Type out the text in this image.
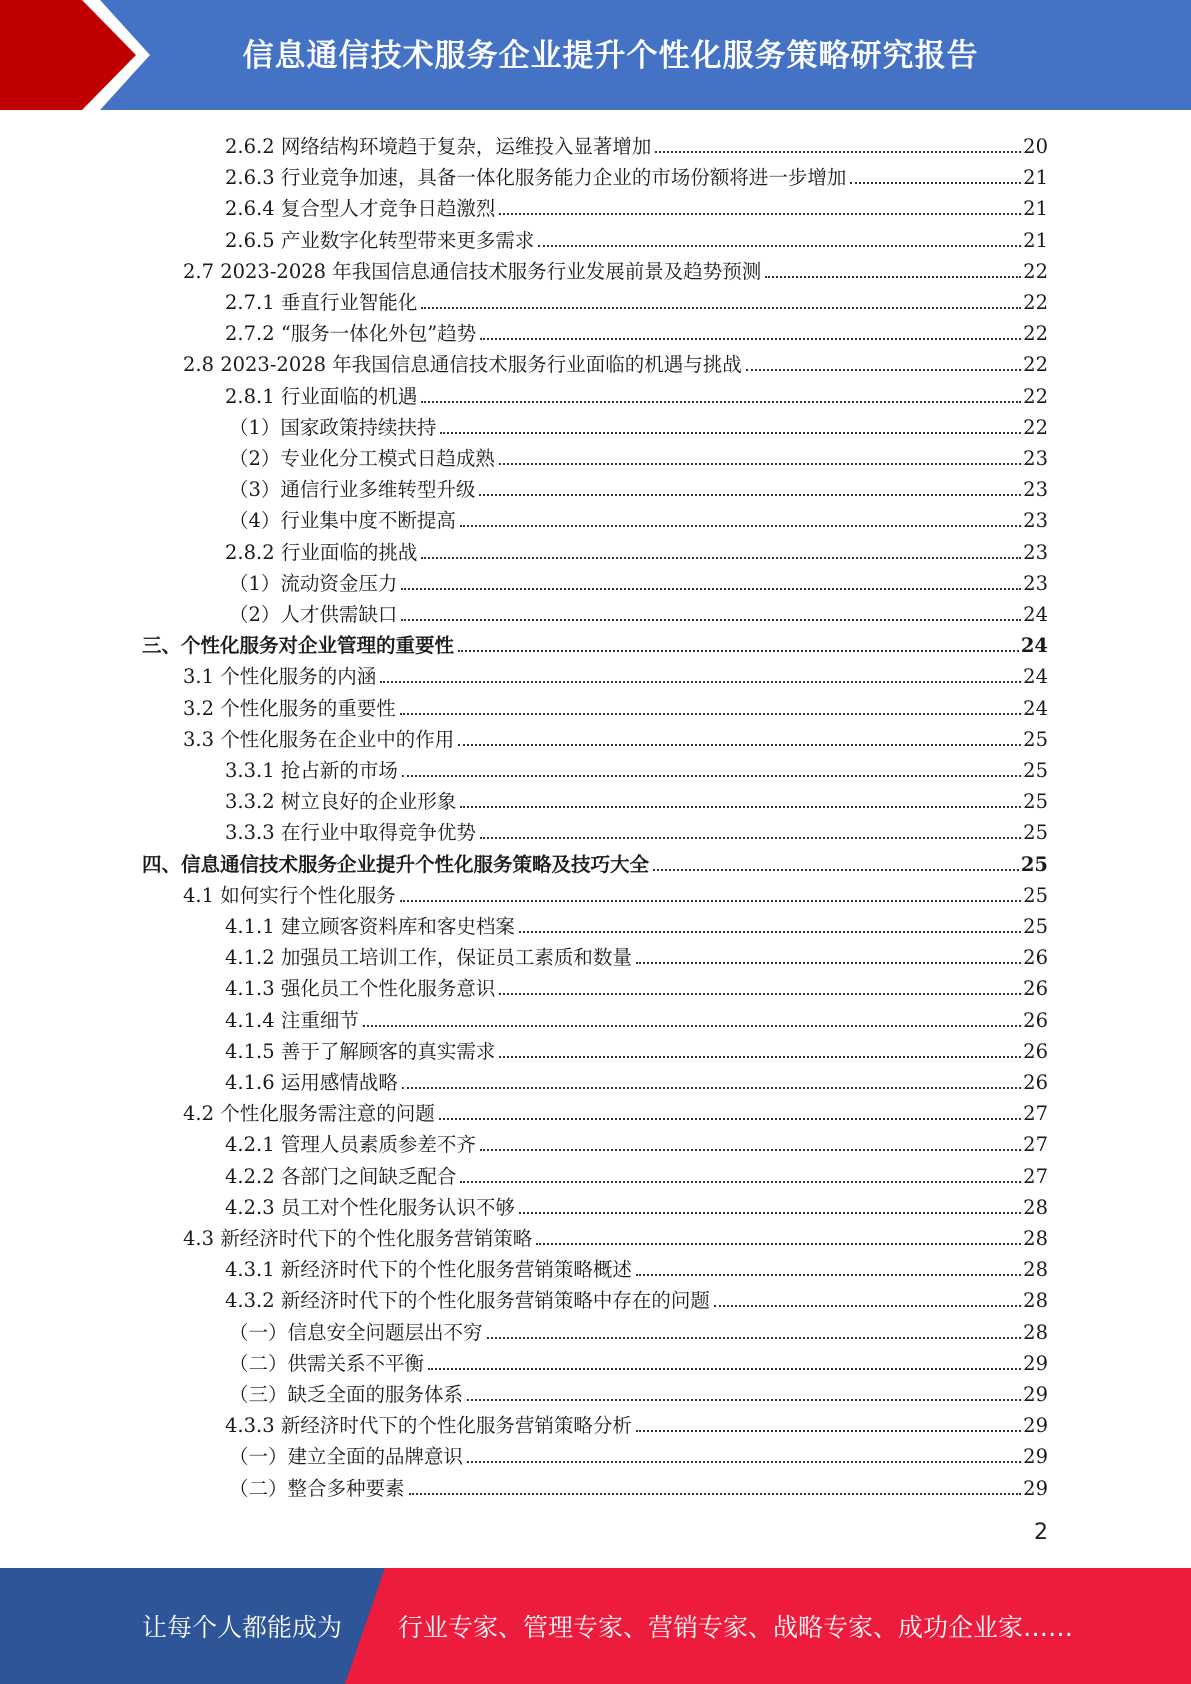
信息通信技术服务企业提升个性化服务策略研究报告
2.6.2 网络结构环境趋于复杂，运维投入显著增加	20
2.6.3 行业竞争加速，具备一体化服务能力企业的市场份额将进一步增加	21
2.6.4 复合型人才竞争日趋激烈	21
2.6.5 产业数字化转型带来更多需求	21
2.7 2023-2028 年我国信息通信技术服务行业发展前景及趋势预测	22
2.7.1 垂直行业智能化	22
2.7.2 “服务一体化外包”趋势	22
2.8 2023-2028 年我国信息通信技术服务行业面临的机遇与挑战	22
2.8.1 行业面临的机遇	22
（1）国家政策持续扶持	22
（2）专业化分工模式日趋成熟	23
（3）通信行业多维转型升级	23
（4）行业集中度不断提高	23
2.8.2 行业面临的挑战	23
（1）流动资金压力	23
（2）人才供需缺口	24
三、个性化服务对企业管理的重要性	24
3.1 个性化服务的内涵	24
3.2 个性化服务的重要性	24
3.3 个性化服务在企业中的作用	25
3.3.1 抢占新的市场	25
3.3.2 树立良好的企业形象	25
3.3.3 在行业中取得竞争优势	25
四、信息通信技术服务企业提升个性化服务策略及技巧大全	25
4.1 如何实行个性化服务	25
4.1.1 建立顾客资料库和客史档案	25
4.1.2 加强员工培训工作，保证员工素质和数量	26
4.1.3 强化员工个性化服务意识	26
4.1.4 注重细节	26
4.1.5 善于了解顾客的真实需求	26
4.1.6 运用感情战略	26
4.2 个性化服务需注意的问题	27
4.2.1 管理人员素质参差不齐	27
4.2.2 各部门之间缺乏配合	27
4.2.3 员工对个性化服务认识不够	28
4.3 新经济时代下的个性化服务营销策略	28
4.3.1 新经济时代下的个性化服务营销策略概述	28
4.3.2 新经济时代下的个性化服务营销策略中存在的问题	28
（一）信息安全问题层出不穷	28
（二）供需关系不平衡	29
（三）缺乏全面的服务体系	29
4.3.3 新经济时代下的个性化服务营销策略分析	29
（一）建立全面的品牌意识	29
（二）整合多种要素	29
2
让每个人都能成为 行业专家、管理专家、营销专家、战略专家、成功企业家……
